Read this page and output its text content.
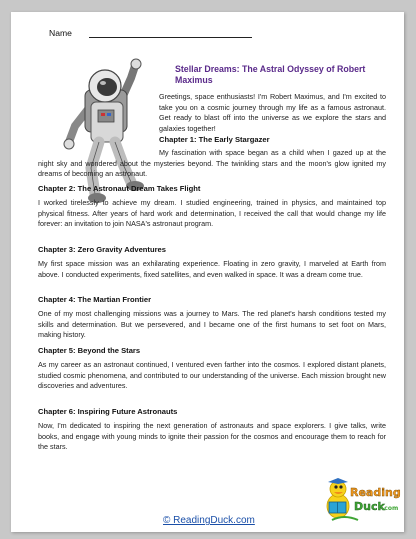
Name
Stellar Dreams: The Astral Odyssey of Robert Maximus
Greetings, space enthusiasts! I'm Robert Maximus, and I'm excited to take you on a cosmic journey through my life as a famous astronaut. Get ready to blast off into the universe as we explore the stars and galaxies together!
Chapter 1: The Early Stargazer
My fascination with space began as a child when I gazed up at the night sky and wondered about the mysteries beyond. The twinkling stars and the moon's glow ignited my dreams of becoming an astronaut.
Chapter 2: The Astronaut Dream Takes Flight
I worked tirelessly to achieve my dream. I studied engineering, trained in physics, and maintained top physical fitness. After years of hard work and determination, I received the call that would change my life forever: an invitation to join NASA's astronaut program.
Chapter 3: Zero Gravity Adventures
My first space mission was an exhilarating experience. Floating in zero gravity, I marveled at Earth from above. I conducted experiments, fixed satellites, and even walked in space. It was a dream come true.
Chapter 4: The Martian Frontier
One of my most challenging missions was a journey to Mars. The red planet's harsh conditions tested my skills and determination. But we persevered, and I became one of the first humans to set foot on Mars, making history.
Chapter 5: Beyond the Stars
As my career as an astronaut continued, I ventured even farther into the cosmos. I explored distant planets, studied cosmic phenomena, and contributed to our understanding of the universe. Each mission brought new discoveries and adventures.
Chapter 6: Inspiring Future Astronauts
Now, I'm dedicated to inspiring the next generation of astronauts and space explorers. I give talks, write books, and engage with young minds to ignite their passion for the cosmos and encourage them to reach for the stars.
Reading
Duck
.com
© ReadingDuck.com
